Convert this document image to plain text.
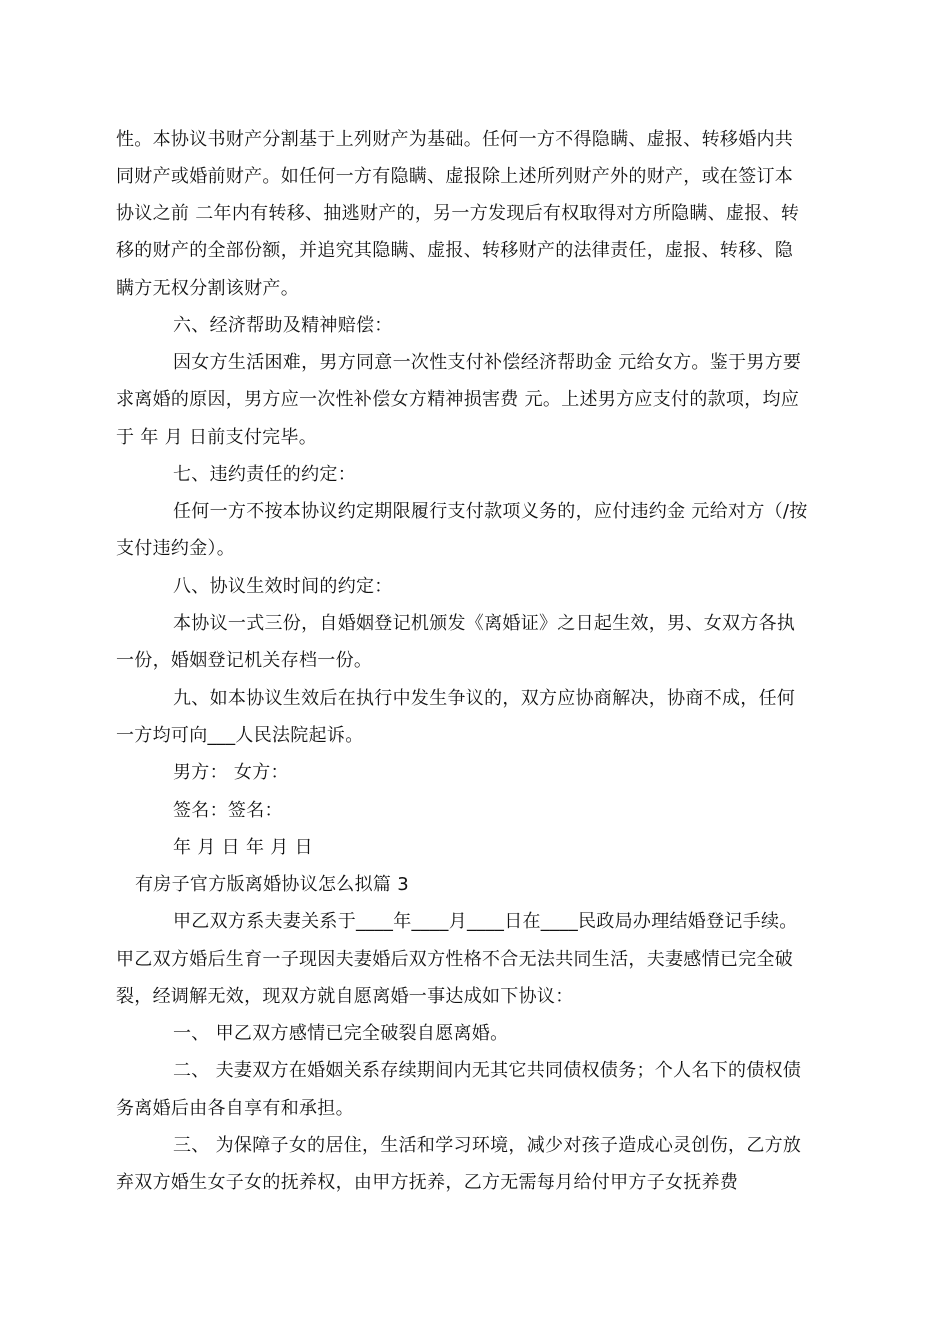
性。本协议书财产分割基于上列财产为基础。任何一方不得隐瞒、虚报、转移婚内共
同财产或婚前财产。如任何一方有隐瞒、虚报除上述所列财产外的财产，或在签订本
协议之前 二年内有转移、抽逃财产的，另一方发现后有权取得对方所隐瞒、虚报、转
移的财产的全部份额，并追究其隐瞒、虚报、转移财产的法律责任，虚报、转移、隐
瞒方无权分割该财产。
六、经济帮助及精神赔偿：
因女方生活困难，男方同意一次性支付补偿经济帮助金 元给女方。鉴于男方要
求离婚的原因，男方应一次性补偿女方精神损害费 元。上述男方应支付的款项，均应
于 年 月 日前支付完毕。
七、违约责任的约定：
任何一方不按本协议约定期限履行支付款项义务的，应付违约金 元给对方（/按
支付违约金）。
八、协议生效时间的约定：
本协议一式三份，自婚姻登记机颁发《离婚证》之日起生效，男、女双方各执
一份，婚姻登记机关存档一份。
九、如本协议生效后在执行中发生争议的，双方应协商解决，协商不成，任何
一方均可向___人民法院起诉。
男方： 女方：
签名：签名：
年 月 日 年 月 日
有房子官方版离婚协议怎么拟篇 3
甲乙双方系夫妻关系于____年____月____日在____民政局办理结婚登记手续。
甲乙双方婚后生育一子现因夫妻婚后双方性格不合无法共同生活，夫妻感情已完全破
裂，经调解无效，现双方就自愿离婚一事达成如下协议：
一、 甲乙双方感情已完全破裂自愿离婚。
二、 夫妻双方在婚姻关系存续期间内无其它共同债权债务；个人名下的债权债
务离婚后由各自享有和承担。
三、 为保障子女的居住，生活和学习环境，减少对孩子造成心灵创伤，乙方放
弃双方婚生女子女的抚养权，由甲方抚养，乙方无需每月给付甲方子女抚养费
